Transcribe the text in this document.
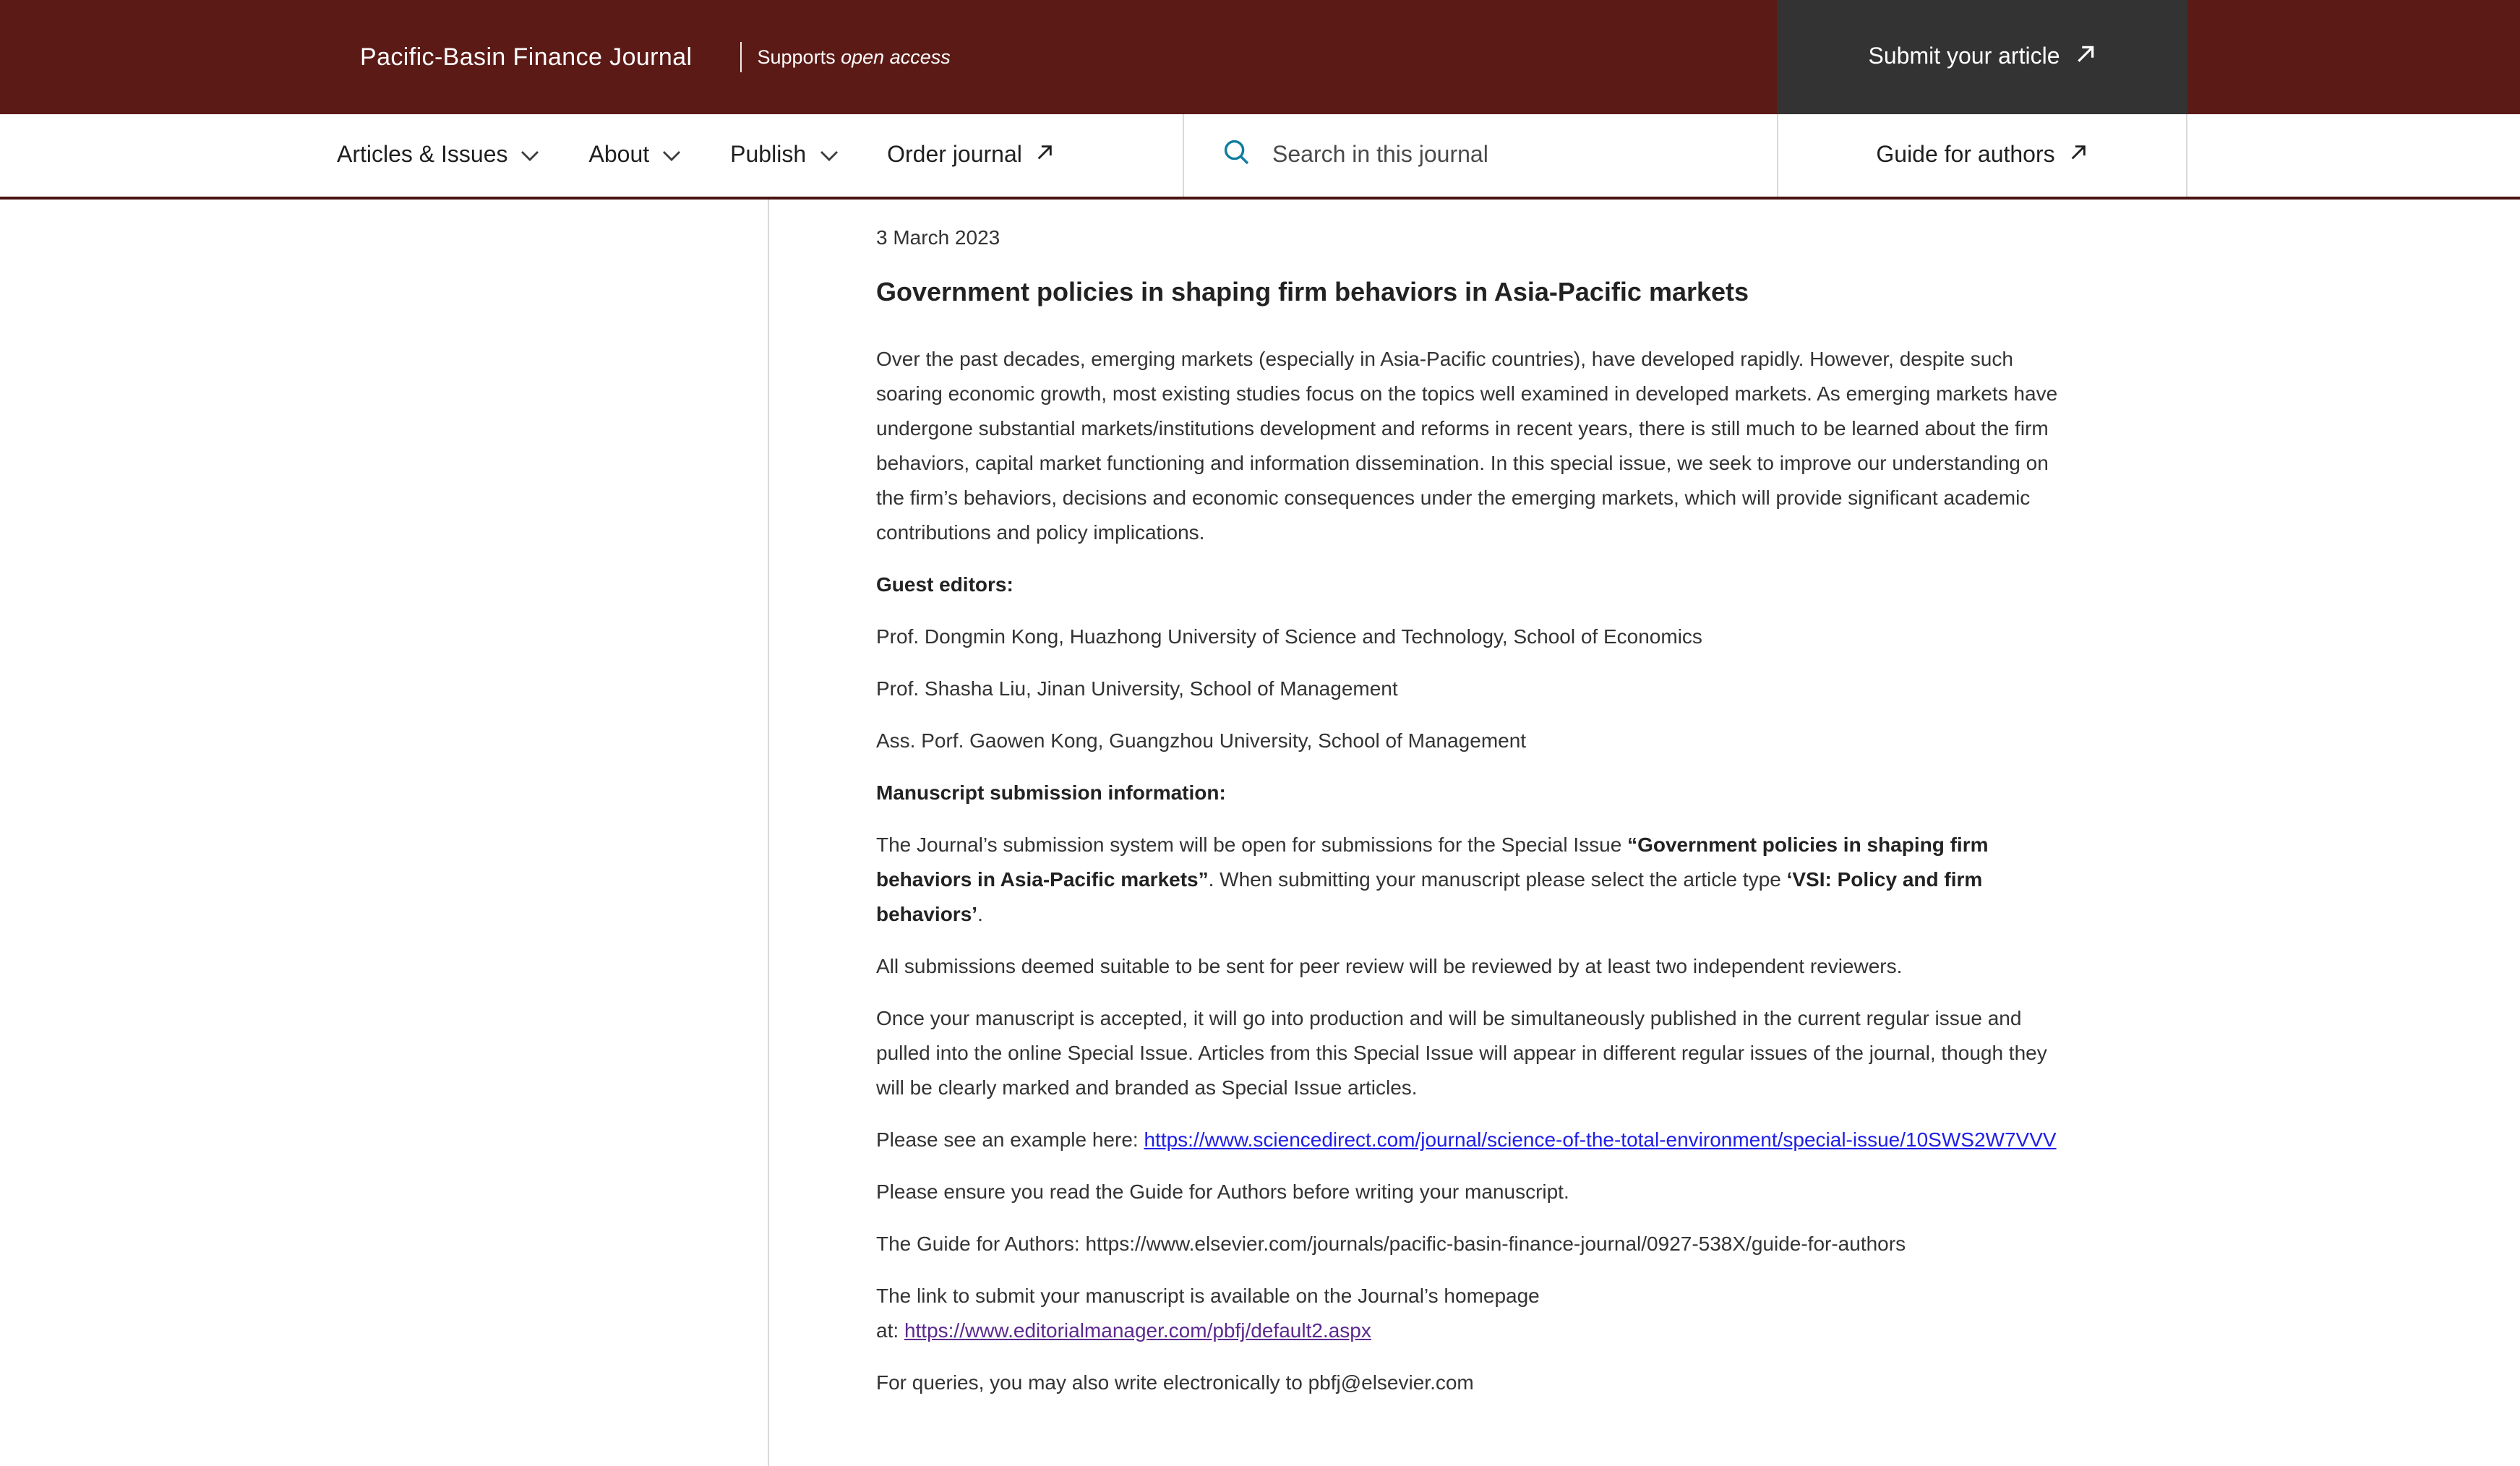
Pacific-Basin Finance Journal	Supports open access	Submit your article
Articles & Issues	About	Publish	Order journal
Search in this journal	Guide for authors

3 March 2023

Government policies in shaping firm behaviors in Asia-Pacific markets

Over the past decades, emerging markets (especially in Asia-Pacific countries), have developed rapidly. However, despite such soaring economic growth, most existing studies focus on the topics well examined in developed markets. As emerging markets have undergone substantial markets/institutions development and reforms in recent years, there is still much to be learned about the firm behaviors, capital market functioning and information dissemination. In this special issue, we seek to improve our understanding on the firm’s behaviors, decisions and economic consequences under the emerging markets, which will provide significant academic contributions and policy implications.

Guest editors:

Prof. Dongmin Kong, Huazhong University of Science and Technology, School of Economics

Prof. Shasha Liu, Jinan University, School of Management

Ass. Porf. Gaowen Kong, Guangzhou University, School of Management

Manuscript submission information:

The Journal’s submission system will be open for submissions for the Special Issue “Government policies in shaping firm behaviors in Asia-Pacific markets”. When submitting your manuscript please select the article type ‘VSI: Policy and firm behaviors’.

All submissions deemed suitable to be sent for peer review will be reviewed by at least two independent reviewers.

Once your manuscript is accepted, it will go into production and will be simultaneously published in the current regular issue and pulled into the online Special Issue. Articles from this Special Issue will appear in different regular issues of the journal, though they will be clearly marked and branded as Special Issue articles.

Please see an example here: https://www.sciencedirect.com/journal/science-of-the-total-environment/special-issue/10SWS2W7VVV

Please ensure you read the Guide for Authors before writing your manuscript.

The Guide for Authors: https://www.elsevier.com/journals/pacific-basin-finance-journal/0927-538X/guide-for-authors

The link to submit your manuscript is available on the Journal’s homepage
at: https://www.editorialmanager.com/pbfj/default2.aspx

For queries, you may also write electronically to pbfj@elsevier.com
